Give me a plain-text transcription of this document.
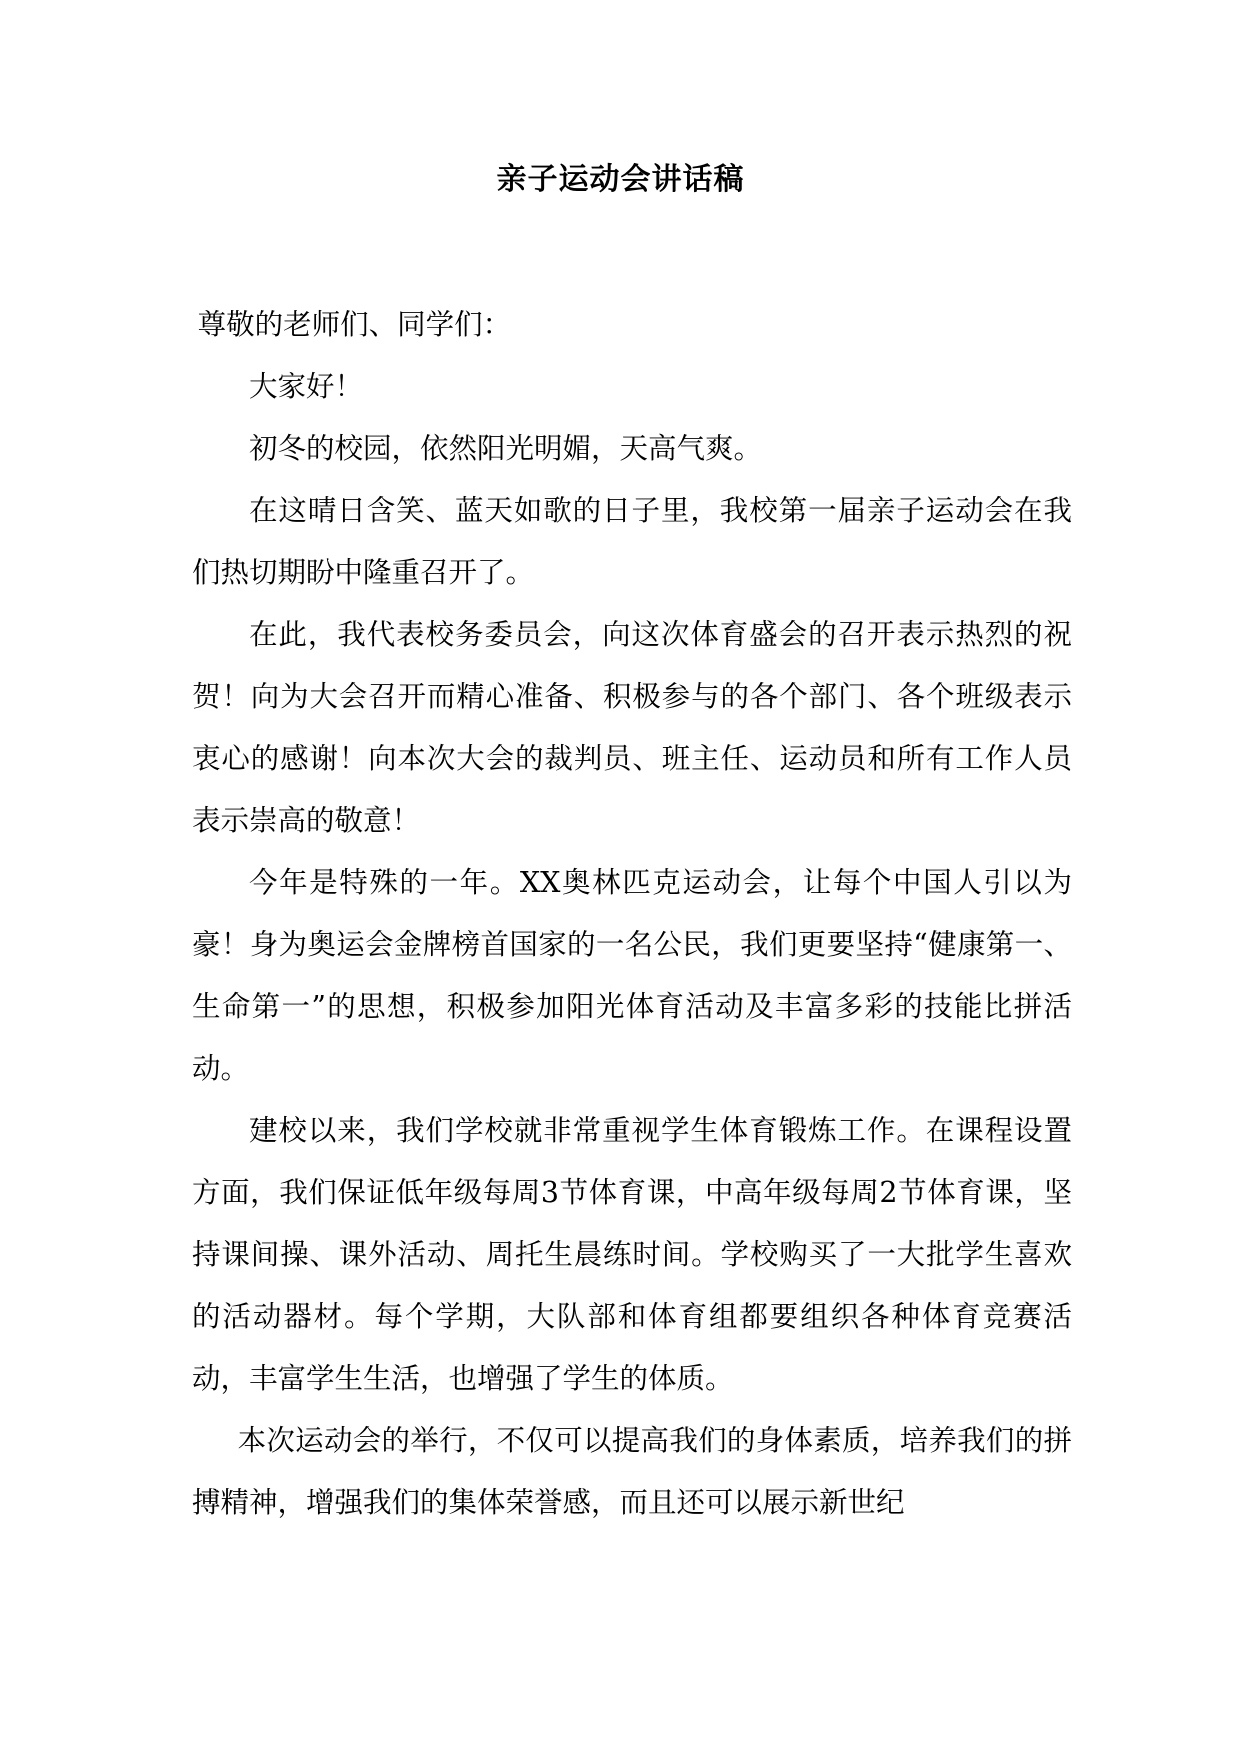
亲子运动会讲话稿

尊敬的老师们、同学们：

大家好！

初冬的校园，依然阳光明媚，天高气爽。

在这晴日含笑、蓝天如歌的日子里，我校第一届亲子运动会在我们热切期盼中隆重召开了。

在此，我代表校务委员会，向这次体育盛会的召开表示热烈的祝贺！向为大会召开而精心准备、积极参与的各个部门、各个班级表示衷心的感谢！向本次大会的裁判员、班主任、运动员和所有工作人员表示崇高的敬意！

今年是特殊的一年。XX奥林匹克运动会，让每个中国人引以为豪！身为奥运会金牌榜首国家的一名公民，我们更要坚持“健康第一、生命第一”的思想，积极参加阳光体育活动及丰富多彩的技能比拼活动。

建校以来，我们学校就非常重视学生体育锻炼工作。在课程设置方面，我们保证低年级每周3节体育课，中高年级每周2节体育课，坚持课间操、课外活动、周托生晨练时间。学校购买了一大批学生喜欢的活动器材。每个学期，大队部和体育组都要组织各种体育竞赛活动，丰富学生生活，也增强了学生的体质。

本次运动会的举行，不仅可以提高我们的身体素质，培养我们的拼搏精神，增强我们的集体荣誉感，而且还可以展示新世纪
